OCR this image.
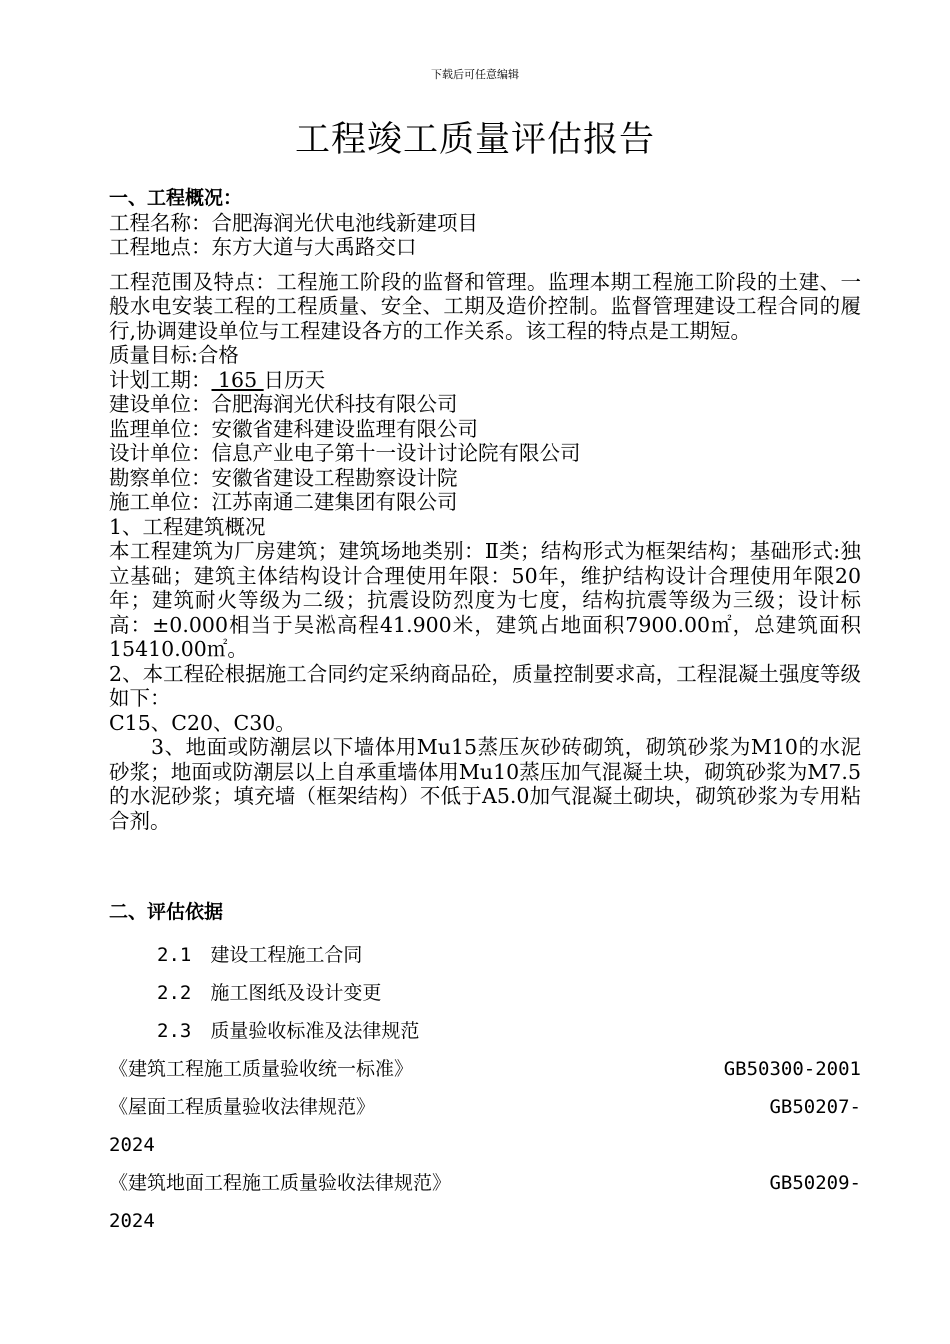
下载后可任意编辑
工程竣工质量评估报告
一、工程概况：
工程名称：合肥海润光伏电池线新建项目
工程地点：东方大道与大禹路交口
工程范围及特点：工程施工阶段的监督和管理。监理本期工程施工阶段的土建、一般水电安装工程的工程质量、安全、工期及造价控制。监督管理建设工程合同的履行,协调建设单位与工程建设各方的工作关系。该工程的特点是工期短。
质量目标:合格
计划工期： 165 日历天
建设单位：合肥海润光伏科技有限公司
监理单位：安徽省建科建设监理有限公司
设计单位：信息产业电子第十一设计讨论院有限公司
勘察单位：安徽省建设工程勘察设计院
施工单位：江苏南通二建集团有限公司
1、工程建筑概况
本工程建筑为厂房建筑；建筑场地类别：Ⅱ类；结构形式为框架结构；基础形式:独立基础；建筑主体结构设计合理使用年限：50年，维护结构设计合理使用年限20年；建筑耐火等级为二级；抗震设防烈度为七度，结构抗震等级为三级；设计标高：±0.000相当于吴淞高程41.900米，建筑占地面积7900.00㎡，总建筑面积15410.00㎡。
2、本工程砼根据施工合同约定采纳商品砼，质量控制要求高，工程混凝土强度等级如下：
C15、C20、C30。
3、地面或防潮层以下墙体用Mu15蒸压灰砂砖砌筑，砌筑砂浆为M10的水泥砂浆；地面或防潮层以上自承重墙体用Mu10蒸压加气混凝土块，砌筑砂浆为M7.5的水泥砂浆；填充墙（框架结构）不低于A5.0加气混凝土砌块，砌筑砂浆为专用粘合剂。
二、评估依据
2.1　建设工程施工合同
2.2　施工图纸及设计变更
2.3　质量验收标准及法律规范
《建筑工程施工质量验收统一标准》	GB50300-2001
《屋面工程质量验收法律规范》	GB50207-
2024
《建筑地面工程施工质量验收法律规范》	GB50209-
2024
